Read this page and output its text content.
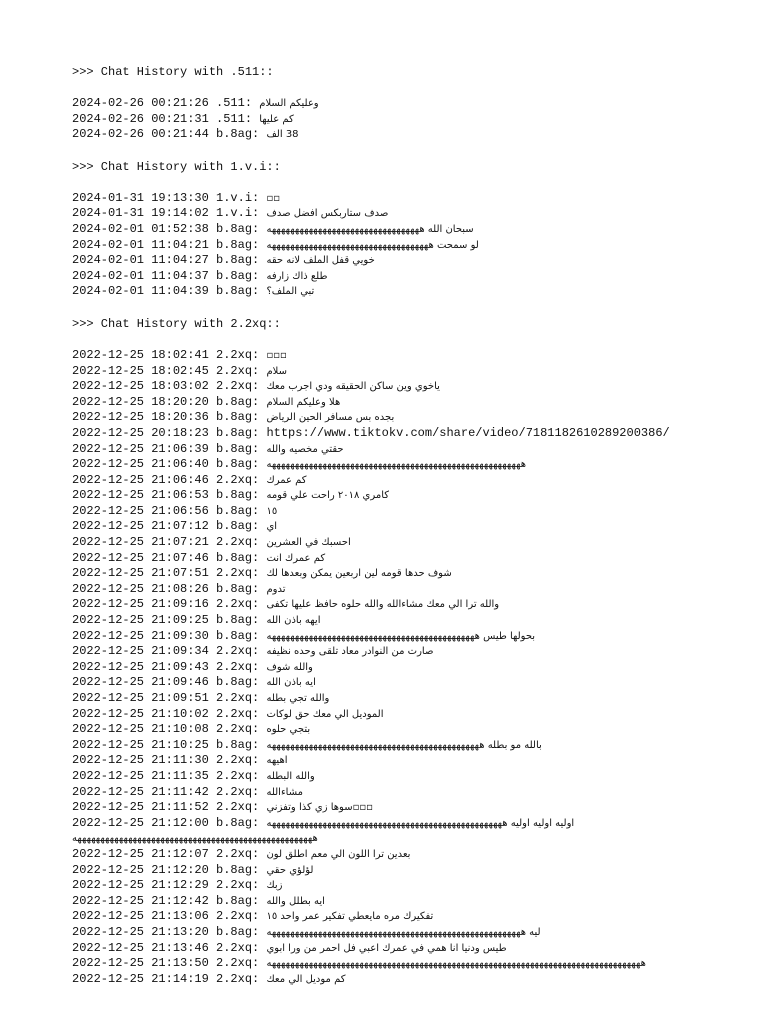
>>> Chat History with .511::
2024-02-26 00:21:26 .511: وعليكم السلام
2024-02-26 00:21:31 .511: كم عليها
2024-02-26 00:21:44 b.8ag: 38 الف
>>> Chat History with 1.v.i::
2024-01-31 19:13:30 1.v.i: ▫▫
2024-01-31 19:14:02 1.v.i: صدف ستاربكس افضل صدف
2024-02-01 01:52:38 b.8ag: سبحان الله هههههههههههههههههههههههههههههههههه
2024-02-01 11:04:21 b.8ag: لو سمحت هههههههههههههههههههههههههههههههههههه
2024-02-01 11:04:27 b.8ag: خويي قفل الملف لانه حقه
2024-02-01 11:04:37 b.8ag: طلع ذاك زارفه
2024-02-01 11:04:39 b.8ag: تبي الملف؟
>>> Chat History with 2.2xq::
2022-12-25 18:02:41 2.2xq: ▫▫▫
2022-12-25 18:02:45 2.2xq: سلام
2022-12-25 18:03:02 2.2xq: ياخوي وين ساكن الحقيقه ودي اجرب معك
2022-12-25 18:20:20 b.8ag: هلا وعليكم السلام
2022-12-25 18:20:36 b.8ag: بجده بس مسافر الحين الرياض
2022-12-25 20:18:23 b.8ag: https://www.tiktokv.com/share/video/7181182610289200386/
2022-12-25 21:06:39 b.8ag: حقتي مخصيه والله
2022-12-25 21:06:40 b.8ag: هههههههههههههههههههههههههههههههههههههههههههههههههههههههه
2022-12-25 21:06:46 2.2xq: كم عمرك
2022-12-25 21:06:53 b.8ag: كامري ٢٠١٨ راحت علي قومه
2022-12-25 21:06:56 b.8ag: ١٥
2022-12-25 21:07:12 b.8ag: اي
2022-12-25 21:07:21 2.2xq: احسبك في العشرين
2022-12-25 21:07:46 b.8ag: كم عمرك انت
2022-12-25 21:07:51 2.2xq: شوف حدها قومه لين اربعين يمكن وبعدها لك
2022-12-25 21:08:26 b.8ag: تدوم
2022-12-25 21:09:16 2.2xq: والله ترا الي معك مشاءالله والله حلوه حافظ عليها تكفى
2022-12-25 21:09:25 b.8ag: ايهه باذن الله
2022-12-25 21:09:30 b.8ag: بحولها طيس هههههههههههههههههههههههههههههههههههههههههههههه
2022-12-25 21:09:34 2.2xq: صارت من النوادر معاد تلقى وحده نظيفه
2022-12-25 21:09:43 2.2xq: والله شوف
2022-12-25 21:09:46 b.8ag: ايه باذن الله
2022-12-25 21:09:51 2.2xq: والله تجي بطله
2022-12-25 21:10:02 2.2xq: الموديل الي معك حق لوكات
2022-12-25 21:10:08 2.2xq: بتجي حلوه
2022-12-25 21:10:25 b.8ag: بالله مو بطله ههههههههههههههههههههههههههههههههههههههههههههههه
2022-12-25 21:11:30 2.2xq: اهيهه
2022-12-25 21:11:35 2.2xq: والله البطله
2022-12-25 21:11:42 2.2xq: مشاءالله
2022-12-25 21:11:52 2.2xq: ▫▫▫سوها زي كذا وتفزني
2022-12-25 21:12:00 b.8ag: اوليه اوليه اوليه هههههههههههههههههههههههههههههههههههههههههههههههههههه
ههههههههههههههههههههههههههههههههههههههههههههههههههههه
2022-12-25 21:12:07 2.2xq: بعدين ترا اللون الي معم اطلق لون
2022-12-25 21:12:20 b.8ag: لؤلؤي حقي
2022-12-25 21:12:29 2.2xq: زبك
2022-12-25 21:12:42 b.8ag: ايه بطلل والله
2022-12-25 21:13:06 2.2xq: تفكيرك مره مايعطي تفكير عمر واحد ١٥
2022-12-25 21:13:20 b.8ag: ليه هههههههههههههههههههههههههههههههههههههههههههههههههههههههه
2022-12-25 21:13:46 2.2xq: طيس ودنيا انا همي في عمرك اعبي فل احمر من ورا ابوي
2022-12-25 21:13:50 2.2xq: هههههههههههههههههههههههههههههههههههههههههههههههههههههههههههههههههههههههههههههههههه
2022-12-25 21:14:19 2.2xq: كم موديل الي معك
